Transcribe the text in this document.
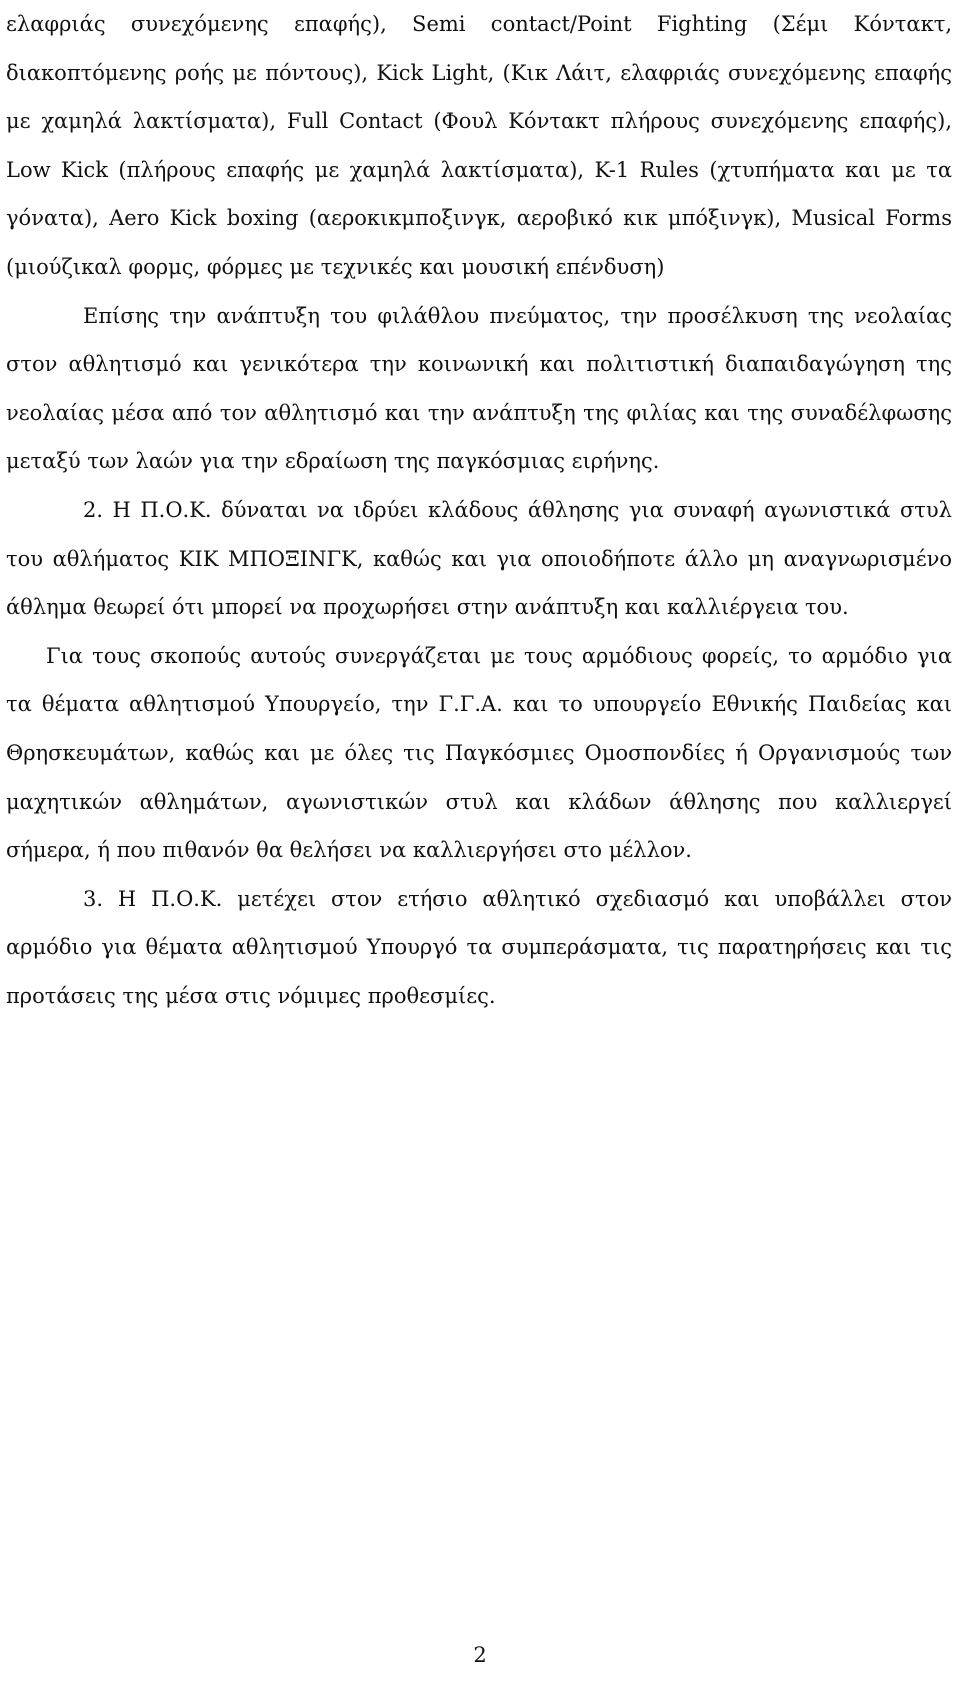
ελαφριάς συνεχόμενης επαφής), Semi contact/Point Fighting (Σέμι Κόντακτ, διακοπτόμενης ροής με πόντους), Kick Light, (Κικ Λάιτ, ελαφριάς συνεχόμενης επαφής με χαμηλά λακτίσματα), Full Contact (Φουλ Κόντακτ πλήρους συνεχόμενης επαφής), Low Kick (πλήρους επαφής με χαμηλά λακτίσματα), K-1 Rules (χτυπήματα και με τα γόνατα), Aero Kick boxing (αεροκικμποξινγκ, αεροβικό κικ μπόξινγκ), Musical Forms (μιούζικαλ φορμς, φόρμες με τεχνικές και μουσική επένδυση)

Επίσης την ανάπτυξη του φιλάθλου πνεύματος, την προσέλκυση της νεολαίας στον αθλητισμό και γενικότερα την κοινωνική και πολιτιστική διαπαιδαγώγηση της νεολαίας μέσα από τον αθλητισμό και την ανάπτυξη της φιλίας και της συναδέλφωσης μεταξύ των λαών για την εδραίωση της παγκόσμιας ειρήνης.

2. Η Π.Ο.Κ. δύναται να ιδρύει κλάδους άθλησης για συναφή αγωνιστικά στυλ του αθλήματος ΚΙΚ ΜΠΟΞΙΝΓΚ, καθώς και για οποιοδήποτε άλλο μη αναγνωρισμένο άθλημα θεωρεί ότι μπορεί να προχωρήσει στην ανάπτυξη και καλλιέργεια του.

Για τους σκοπούς αυτούς συνεργάζεται με τους αρμόδιους φορείς, το αρμόδιο για τα θέματα αθλητισμού Υπουργείο, την Γ.Γ.Α. και το υπουργείο Εθνικής Παιδείας και Θρησκευμάτων, καθώς και με όλες τις Παγκόσμιες Ομοσπονδίες ή Οργανισμούς των μαχητικών αθλημάτων, αγωνιστικών στυλ και κλάδων άθλησης που καλλιεργεί σήμερα, ή που πιθανόν θα θελήσει να καλλιεργήσει στο μέλλον.

3. Η Π.Ο.Κ. μετέχει στον ετήσιο αθλητικό σχεδιασμό και υποβάλλει στον αρμόδιο για θέματα αθλητισμού Υπουργό τα συμπεράσματα, τις παρατηρήσεις και τις προτάσεις της μέσα στις νόμιμες προθεσμίες.

2
